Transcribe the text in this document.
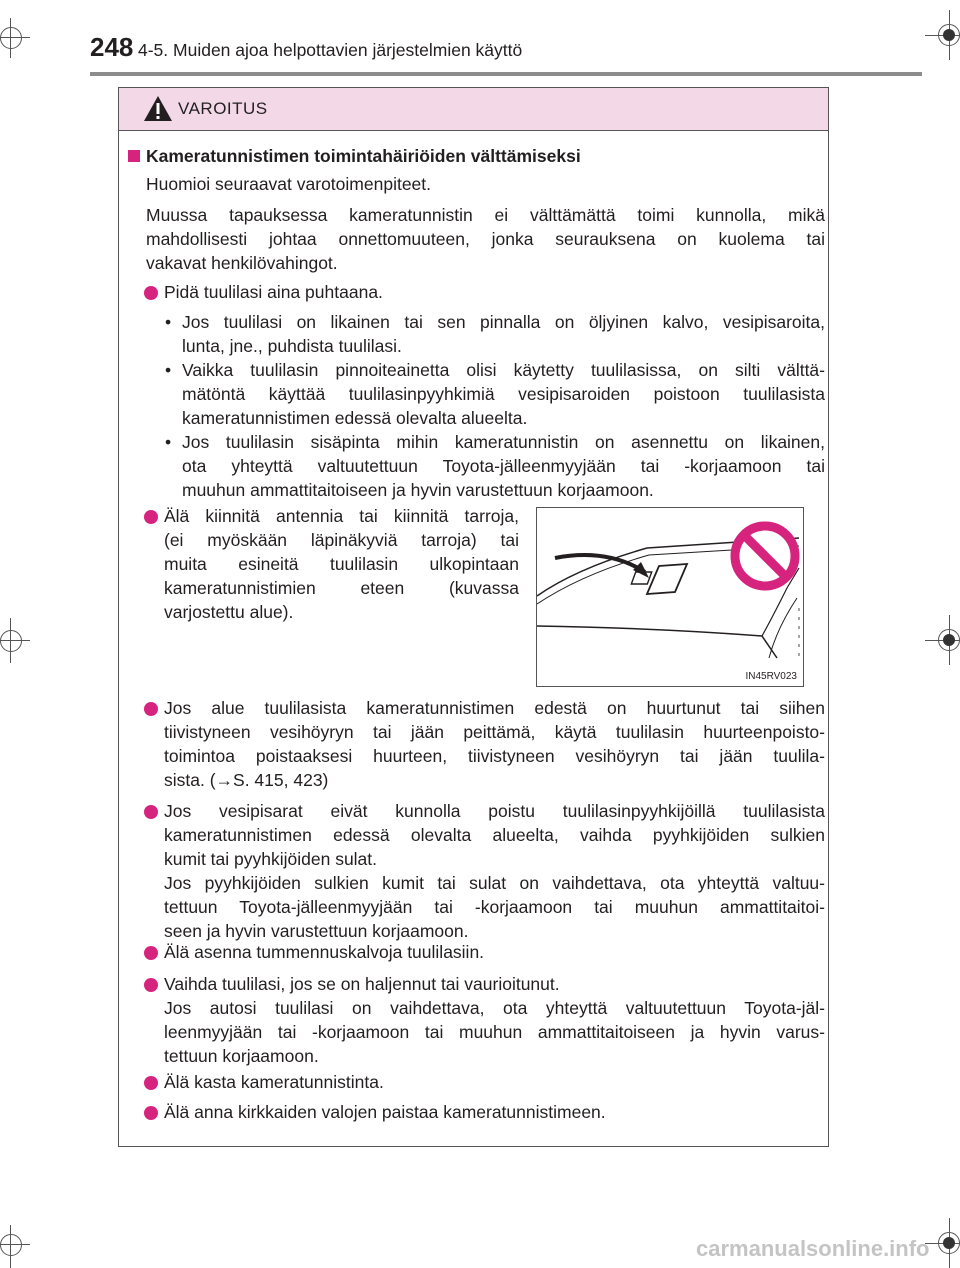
248 4-5. Muiden ajoa helpottavien järjestelmien käyttö
VAROITUS
Kameratunnistimen toimintahäiriöiden välttämiseksi
Huomioi seuraavat varotoimenpiteet.
Muussa tapauksessa kameratunnistin ei välttämättä toimi kunnolla, mikä
mahdollisesti johtaa onnettomuuteen, jonka seurauksena on kuolema tai
vakavat henkilövahingot.
Pidä tuulilasi aina puhtaana.
• Jos tuulilasi on likainen tai sen pinnalla on öljyinen kalvo, vesipisaroita,
lunta, jne., puhdista tuulilasi.
• Vaikka tuulilasin pinnoiteainetta olisi käytetty tuulilasissa, on silti välttä-
mätöntä käyttää tuulilasinpyyhkimiä vesipisaroiden poistoon tuulilasista
kameratunnistimen edessä olevalta alueelta.
• Jos tuulilasin sisäpinta mihin kameratunnistin on asennettu on likainen,
ota yhteyttä valtuutettuun Toyota-jälleenmyyjään tai -korjaamoon tai
muuhun ammattitaitoiseen ja hyvin varustettuun korjaamoon.
Älä kiinnitä antennia tai kiinnitä tarroja,
(ei myöskään läpinäkyviä tarroja) tai
muita esineitä tuulilasin ulkopintaan
kameratunnistimien eteen (kuvassa
varjostettu alue).
IN45RV023
Jos alue tuulilasista kameratunnistimen edestä on huurtunut tai siihen
tiivistyneen vesihöyryn tai jään peittämä, käytä tuulilasin huurteenpoisto-
toimintoa poistaaksesi huurteen, tiivistyneen vesihöyryn tai jään tuulila-
sista. (→S. 415, 423)
Jos vesipisarat eivät kunnolla poistu tuulilasinpyyhkijöillä tuulilasista
kameratunnistimen edessä olevalta alueelta, vaihda pyyhkijöiden sulkien
kumit tai pyyhkijöiden sulat.
Jos pyyhkijöiden sulkien kumit tai sulat on vaihdettava, ota yhteyttä valtuu-
tettuun Toyota-jälleenmyyjään tai -korjaamoon tai muuhun ammattitaitoi-
seen ja hyvin varustettuun korjaamoon.
Älä asenna tummennuskalvoja tuulilasiin.
Vaihda tuulilasi, jos se on haljennut tai vaurioitunut.
Jos autosi tuulilasi on vaihdettava, ota yhteyttä valtuutettuun Toyota-jäl-
leenmyyjään tai -korjaamoon tai muuhun ammattitaitoiseen ja hyvin varus-
tettuun korjaamoon.
Älä kasta kameratunnistinta.
Älä anna kirkkaiden valojen paistaa kameratunnistimeen.
carmanualsonline.info
